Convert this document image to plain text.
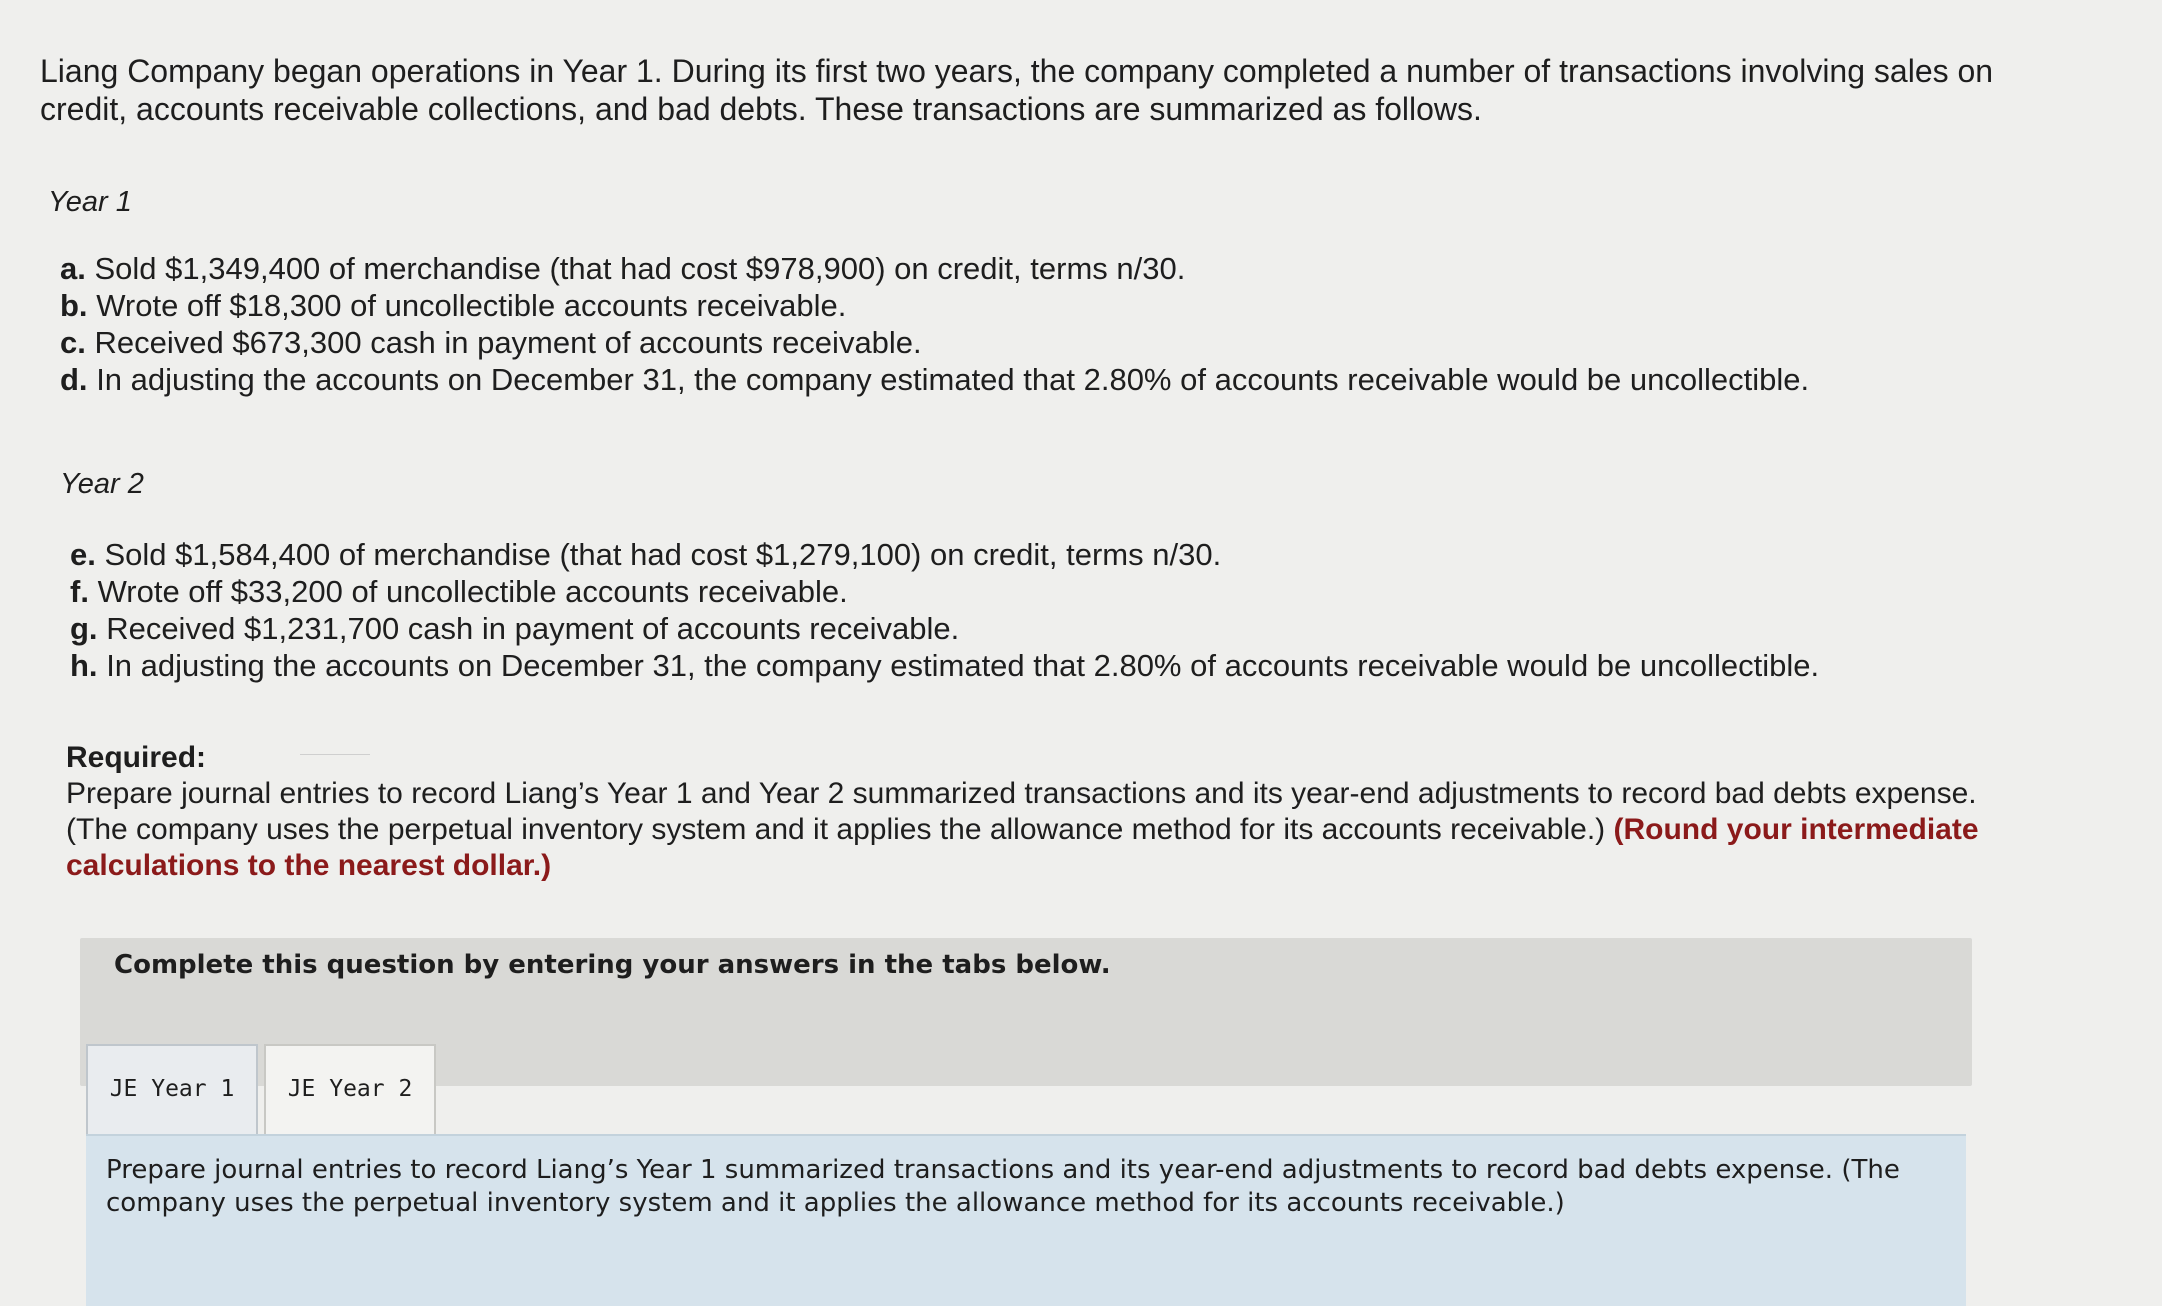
Liang Company began operations in Year 1. During its first two years, the company completed a number of transactions involving sales on credit, accounts receivable collections, and bad debts. These transactions are summarized as follows.
Year 1
a. Sold $1,349,400 of merchandise (that had cost $978,900) on credit, terms n/30.
b. Wrote off $18,300 of uncollectible accounts receivable.
c. Received $673,300 cash in payment of accounts receivable.
d. In adjusting the accounts on December 31, the company estimated that 2.80% of accounts receivable would be uncollectible.
Year 2
e. Sold $1,584,400 of merchandise (that had cost $1,279,100) on credit, terms n/30.
f. Wrote off $33,200 of uncollectible accounts receivable.
g. Received $1,231,700 cash in payment of accounts receivable.
h. In adjusting the accounts on December 31, the company estimated that 2.80% of accounts receivable would be uncollectible.
Required:
Prepare journal entries to record Liang’s Year 1 and Year 2 summarized transactions and its year-end adjustments to record bad debts expense. (The company uses the perpetual inventory system and it applies the allowance method for its accounts receivable.) (Round your intermediate calculations to the nearest dollar.)
Complete this question by entering your answers in the tabs below.
JE Year 1	JE Year 2

Prepare journal entries to record Liang’s Year 1 summarized transactions and its year-end adjustments to record bad debts expense. (The company uses the perpetual inventory system and it applies the allowance method for its accounts receivable.)
